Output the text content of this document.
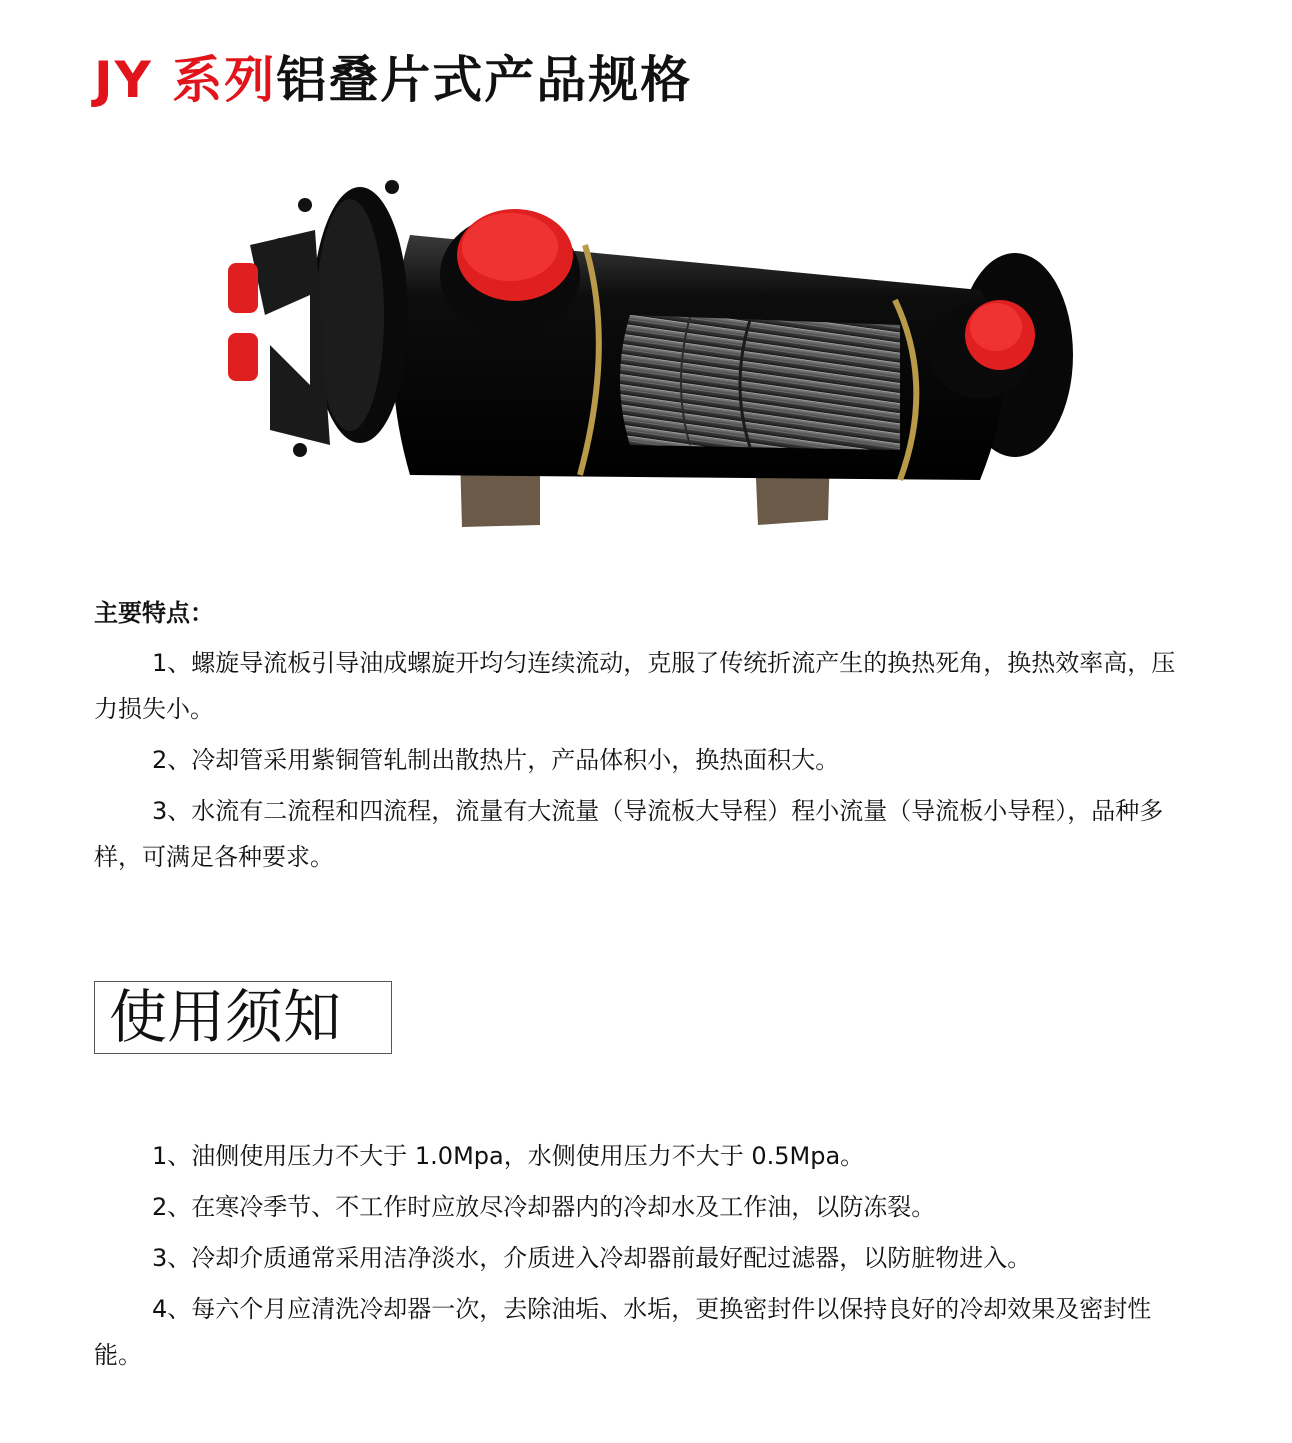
JY 系列铝叠片式产品规格
主要特点：
1、螺旋导流板引导油成螺旋开均匀连续流动，克服了传统折流产生的换热死角，换热效率高，压力损失小。
2、冷却管采用紫铜管轧制出散热片，产品体积小，换热面积大。
3、水流有二流程和四流程，流量有大流量（导流板大导程）程小流量（导流板小导程），品种多样，可满足各种要求。
使用须知
1、油侧使用压力不大于 1.0Mpa，水侧使用压力不大于 0.5Mpa。
2、在寒冷季节、不工作时应放尽冷却器内的冷却水及工作油，以防冻裂。
3、冷却介质通常采用洁净淡水，介质进入冷却器前最好配过滤器，以防脏物进入。
4、每六个月应清洗冷却器一次，去除油垢、水垢，更换密封件以保持良好的冷却效果及密封性能。
